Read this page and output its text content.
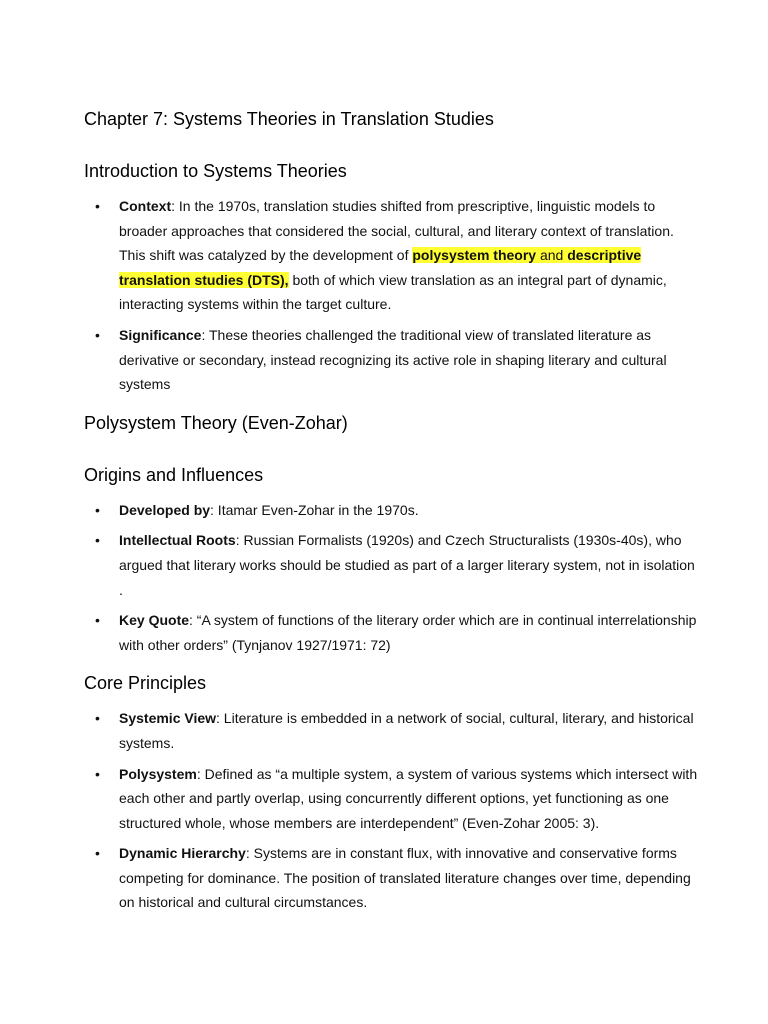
Chapter 7: Systems Theories in Translation Studies
Introduction to Systems Theories
• Context: In the 1970s, translation studies shifted from prescriptive, linguistic models to broader approaches that considered the social, cultural, and literary context of translation. This shift was catalyzed by the development of polysystem theory and descriptive translation studies (DTS), both of which view translation as an integral part of dynamic, interacting systems within the target culture.
• Significance: These theories challenged the traditional view of translated literature as derivative or secondary, instead recognizing its active role in shaping literary and cultural systems
Polysystem Theory (Even-Zohar)
Origins and Influences
• Developed by: Itamar Even-Zohar in the 1970s.
• Intellectual Roots: Russian Formalists (1920s) and Czech Structuralists (1930s-40s), who argued that literary works should be studied as part of a larger literary system, not in isolation .
• Key Quote: “A system of functions of the literary order which are in continual interrelationship with other orders” (Tynjanov 1927/1971: 72)
Core Principles
• Systemic View: Literature is embedded in a network of social, cultural, literary, and historical systems.
• Polysystem: Defined as “a multiple system, a system of various systems which intersect with each other and partly overlap, using concurrently different options, yet functioning as one structured whole, whose members are interdependent” (Even-Zohar 2005: 3).
• Dynamic Hierarchy: Systems are in constant flux, with innovative and conservative forms competing for dominance. The position of translated literature changes over time, depending on historical and cultural circumstances.
